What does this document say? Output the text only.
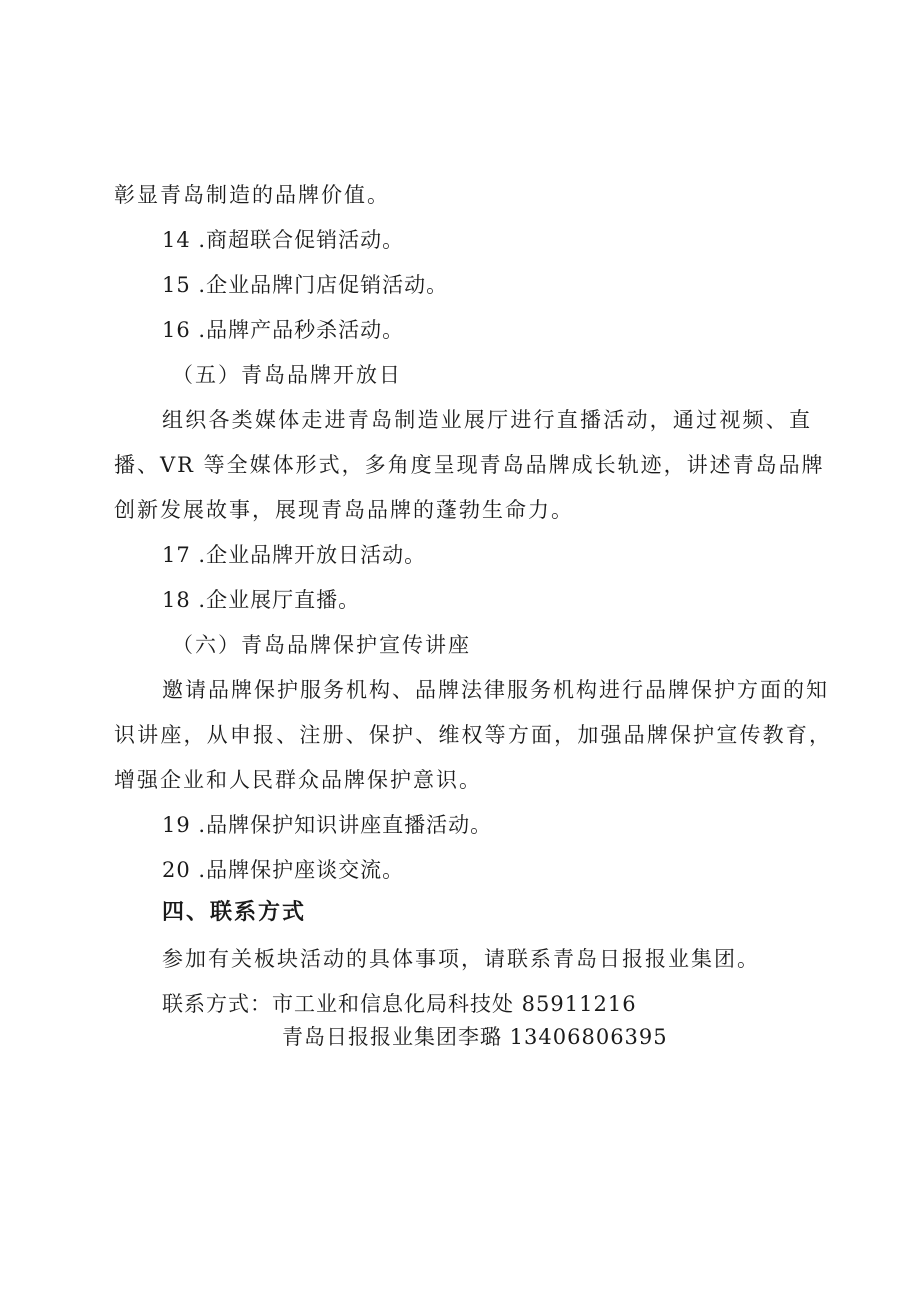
彰显青岛制造的品牌价值。
14 .商超联合促销活动。
15 .企业品牌门店促销活动。
16 .品牌产品秒杀活动。
（五）青岛品牌开放日
组织各类媒体走进青岛制造业展厅进行直播活动，通过视频、直
播、VR 等全媒体形式，多角度呈现青岛品牌成长轨迹，讲述青岛品牌
创新发展故事，展现青岛品牌的蓬勃生命力。
17 .企业品牌开放日活动。
18 .企业展厅直播。
（六）青岛品牌保护宣传讲座
邀请品牌保护服务机构、品牌法律服务机构进行品牌保护方面的知
识讲座，从申报、注册、保护、维权等方面，加强品牌保护宣传教育，
增强企业和人民群众品牌保护意识。
19 .品牌保护知识讲座直播活动。
20 .品牌保护座谈交流。
四、联系方式
参加有关板块活动的具体事项，请联系青岛日报报业集团。
联系方式：市工业和信息化局科技处 85911216
青岛日报报业集团李璐 13406806395
